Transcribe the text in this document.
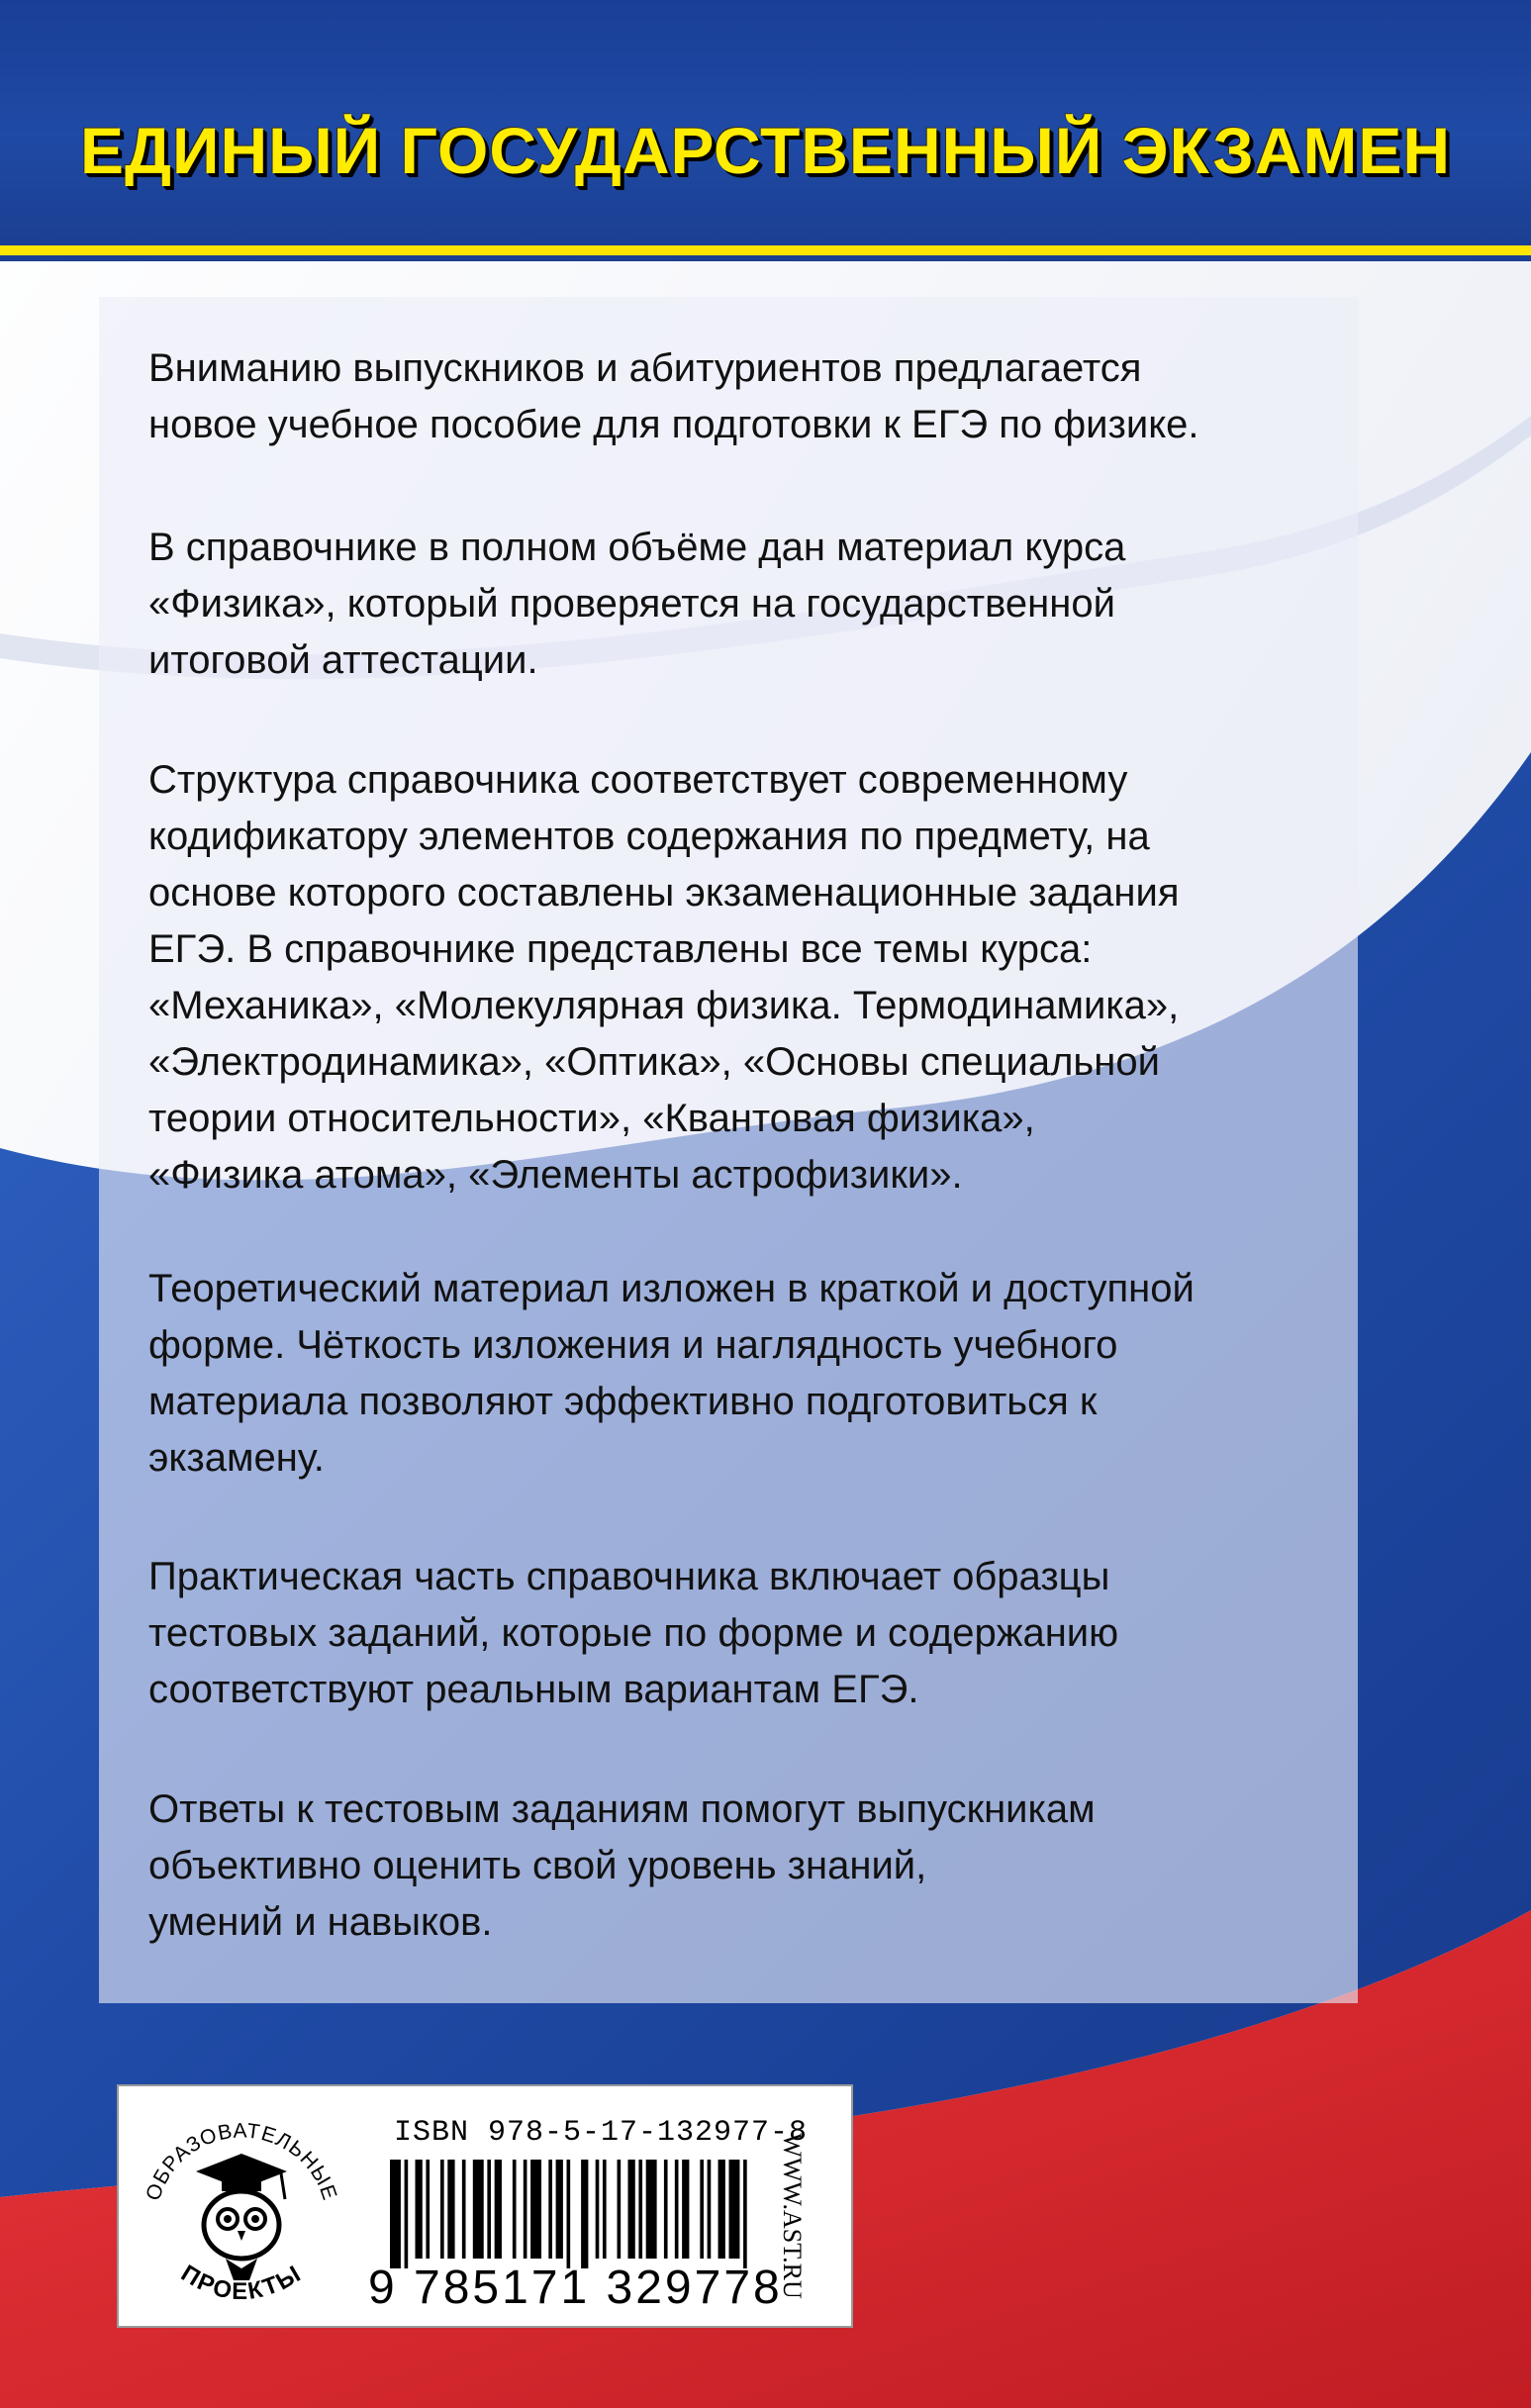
ЕДИНЫЙ ГОСУДАРСТВЕННЫЙ ЭКЗАМЕН
Вниманию выпускников и абитуриентов предлагается
новое учебное пособие для подготовки к ЕГЭ по физике.
В справочнике в полном объёме дан материал курса
«Физика», который проверяется на государственной
итоговой аттестации.
Структура справочника соответствует современному
кодификатору элементов содержания по предмету, на
основе которого составлены экзаменационные задания
ЕГЭ. В справочнике представлены все темы курса:
«Механика», «Молекулярная физика. Термодинамика»,
«Электродинамика», «Оптика», «Основы специальной
теории относительности», «Квантовая физика»,
«Физика атома», «Элементы астрофизики».
Теоретический материал изложен в краткой и доступной
форме. Чёткость изложения и наглядность учебного
материала позволяют эффективно подготовиться к
экзамену.
Практическая часть справочника включает образцы
тестовых заданий, которые по форме и содержанию
соответствуют реальным вариантам ЕГЭ.
Ответы к тестовым заданиям помогут выпускникам
объективно оценить свой уровень знаний,
умений и навыков.
ОБРАЗОВАТЕЛЬНЫЕ
ПРОЕКТЫ
ISBN 978-5-17-132977-8
9 785171 329778
WWW.AST.RU
